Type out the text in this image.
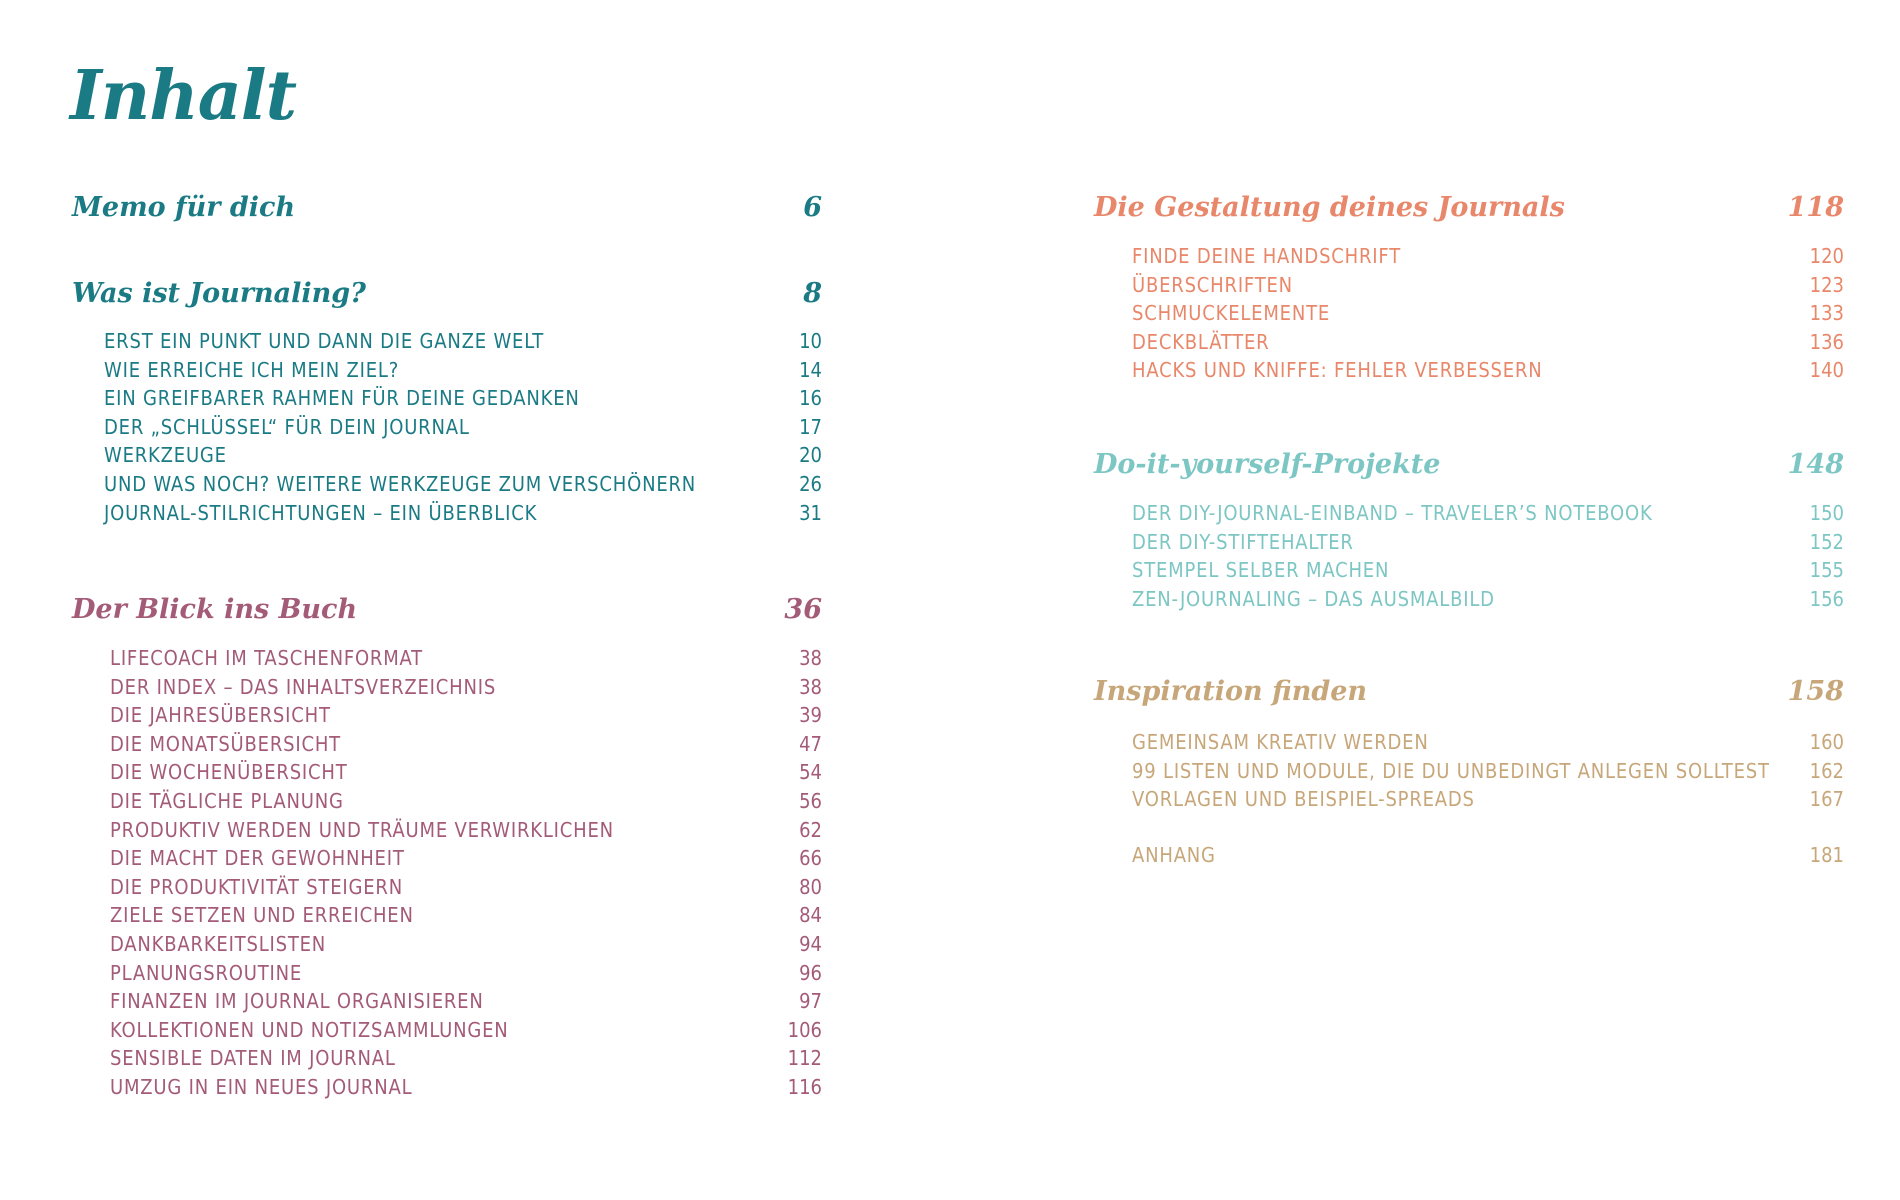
Inhalt
Memo für dich	6
Was ist Journaling?	8
ERST EIN PUNKT UND DANN DIE GANZE WELT	10
WIE ERREICHE ICH MEIN ZIEL?	14
EIN GREIFBARER RAHMEN FÜR DEINE GEDANKEN	16
DER „SCHLÜSSEL“ FÜR DEIN JOURNAL	17
WERKZEUGE	20
UND WAS NOCH? WEITERE WERKZEUGE ZUM VERSCHÖNERN	26
JOURNAL-STILRICHTUNGEN – EIN ÜBERBLICK	31
Der Blick ins Buch	36
LIFECOACH IM TASCHENFORMAT	38
DER INDEX – DAS INHALTSVERZEICHNIS	38
DIE JAHRESÜBERSICHT	39
DIE MONATSÜBERSICHT	47
DIE WOCHENÜBERSICHT	54
DIE TÄGLICHE PLANUNG	56
PRODUKTIV WERDEN UND TRÄUME VERWIRKLICHEN	62
DIE MACHT DER GEWOHNHEIT	66
DIE PRODUKTIVITÄT STEIGERN	80
ZIELE SETZEN UND ERREICHEN	84
DANKBARKEITSLISTEN	94
PLANUNGSROUTINE	96
FINANZEN IM JOURNAL ORGANISIEREN	97
KOLLEKTIONEN UND NOTIZSAMMLUNGEN	106
SENSIBLE DATEN IM JOURNAL	112
UMZUG IN EIN NEUES JOURNAL	116
Die Gestaltung deines Journals	118
FINDE DEINE HANDSCHRIFT	120
ÜBERSCHRIFTEN	123
SCHMUCKELEMENTE	133
DECKBLÄTTER	136
HACKS UND KNIFFE: FEHLER VERBESSERN	140
Do-it-yourself-Projekte	148
DER DIY-JOURNAL-EINBAND – TRAVELER’S NOTEBOOK	150
DER DIY-STIFTEHALTER	152
STEMPEL SELBER MACHEN	155
ZEN-JOURNALING – DAS AUSMALBILD	156
Inspiration finden	158
GEMEINSAM KREATIV WERDEN	160
99 LISTEN UND MODULE, DIE DU UNBEDINGT ANLEGEN SOLLTEST 162
VORLAGEN UND BEISPIEL-SPREADS	167
ANHANG	181
